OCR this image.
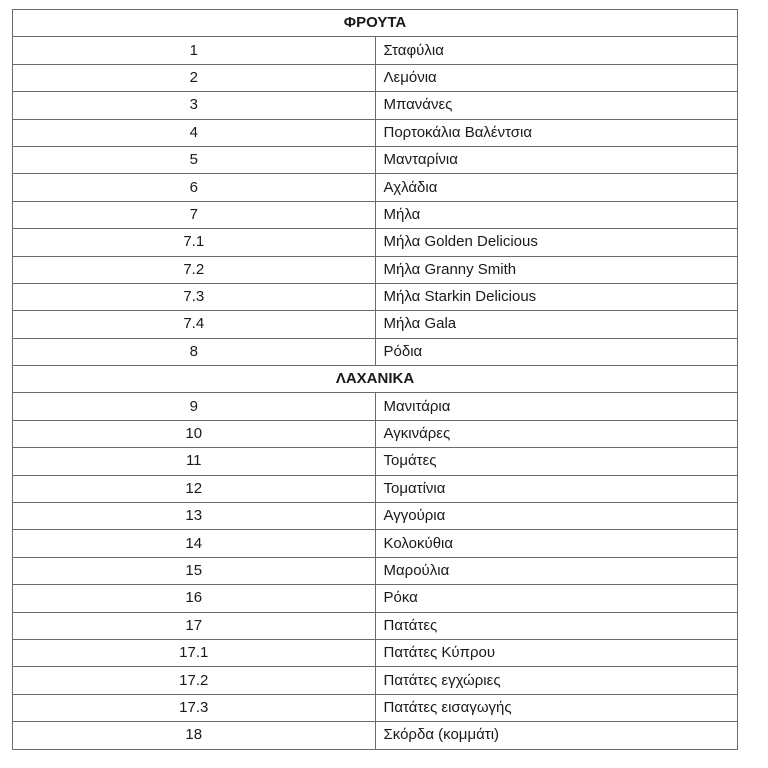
ΦΡΟΥΤΑ	
1	Σταφύλια
2	Λεμόνια
3	Μπανάνες
4	Πορτοκάλια Βαλέντσια
5	Μανταρίνια
6	Αχλάδια
7	Μήλα
7.1	Μήλα Golden Delicious
7.2	Μήλα Granny Smith
7.3	Μήλα Starkin Delicious
7.4	Μήλα Gala
8	Ρόδια
ΛΑΧΑΝΙΚΑ	
9	Μανιτάρια
10	Αγκινάρες
11	Τομάτες
12	Τοματίνια
13	Αγγούρια
14	Κολοκύθια
15	Μαρούλια
16	Ρόκα
17	Πατάτες
17.1	Πατάτες Κύπρου
17.2	Πατάτες εγχώριες
17.3	Πατάτες εισαγωγής
18	Σκόρδα (κομμάτι)
